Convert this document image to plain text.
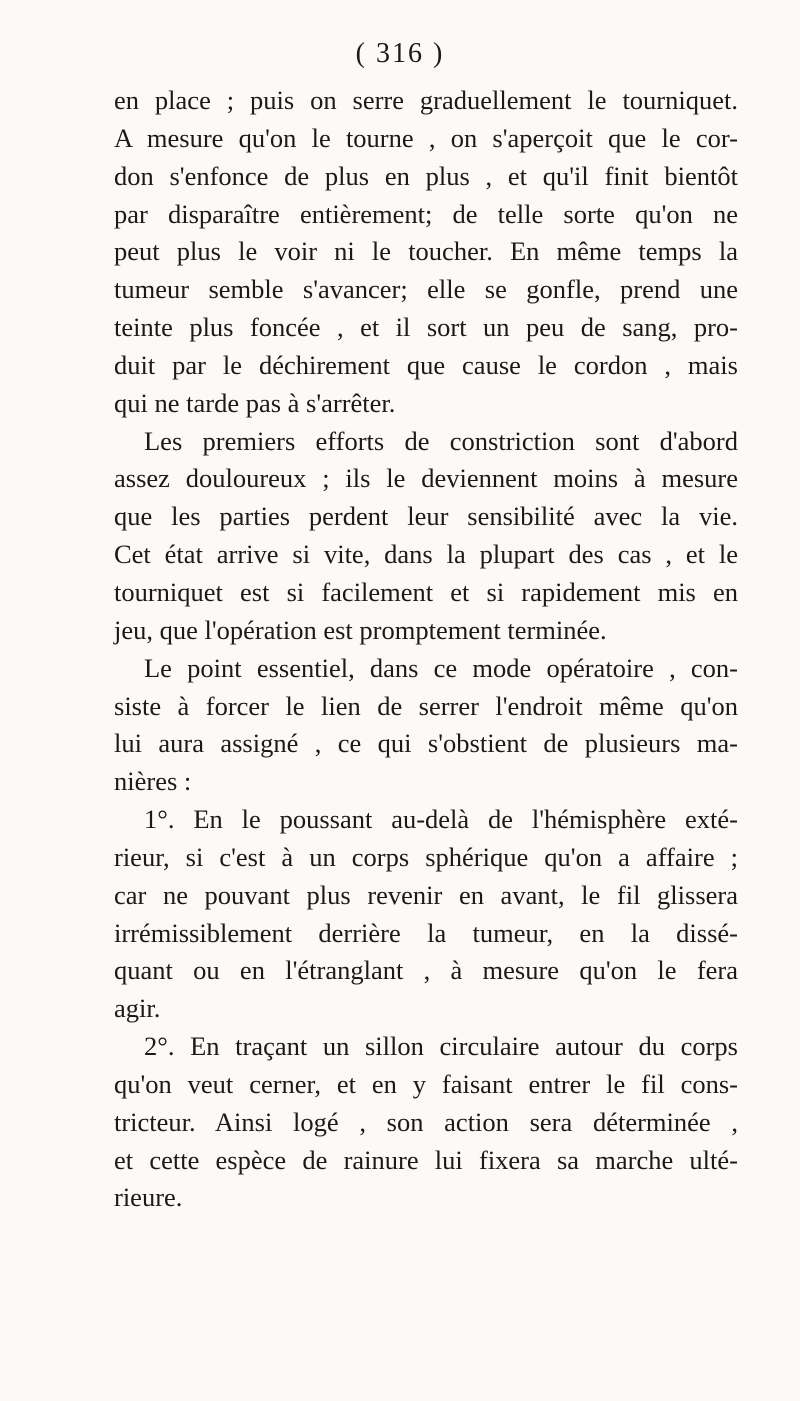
( 316 )
en place ; puis on serre graduellement le tourniquet.
A mesure qu'on le tourne , on s'aperçoit que le cor-
don s'enfonce de plus en plus , et qu'il finit bientôt
par disparaître entièrement; de telle sorte qu'on ne
peut plus le voir ni le toucher. En même temps la
tumeur semble s'avancer; elle se gonfle, prend une
teinte plus foncée , et il sort un peu de sang, pro-
duit par le déchirement que cause le cordon , mais
qui ne tarde pas à s'arrêter.
Les premiers efforts de constriction sont d'abord
assez douloureux ; ils le deviennent moins à mesure
que les parties perdent leur sensibilité avec la vie.
Cet état arrive si vite, dans la plupart des cas , et le
tourniquet est si facilement et si rapidement mis en
jeu, que l'opération est promptement terminée.
Le point essentiel, dans ce mode opératoire , con-
siste à forcer le lien de serrer l'endroit même qu'on
lui aura assigné , ce qui s'obstient de plusieurs ma-
nières :
1°. En le poussant au-delà de l'hémisphère exté-
rieur, si c'est à un corps sphérique qu'on a affaire ;
car ne pouvant plus revenir en avant, le fil glissera
irrémissiblement derrière la tumeur, en la dissé-
quant ou en l'étranglant , à mesure qu'on le fera
agir.
2°. En traçant un sillon circulaire autour du corps
qu'on veut cerner, et en y faisant entrer le fil cons-
tricteur. Ainsi logé , son action sera déterminée ,
et cette espèce de rainure lui fixera sa marche ulté-
rieure.
